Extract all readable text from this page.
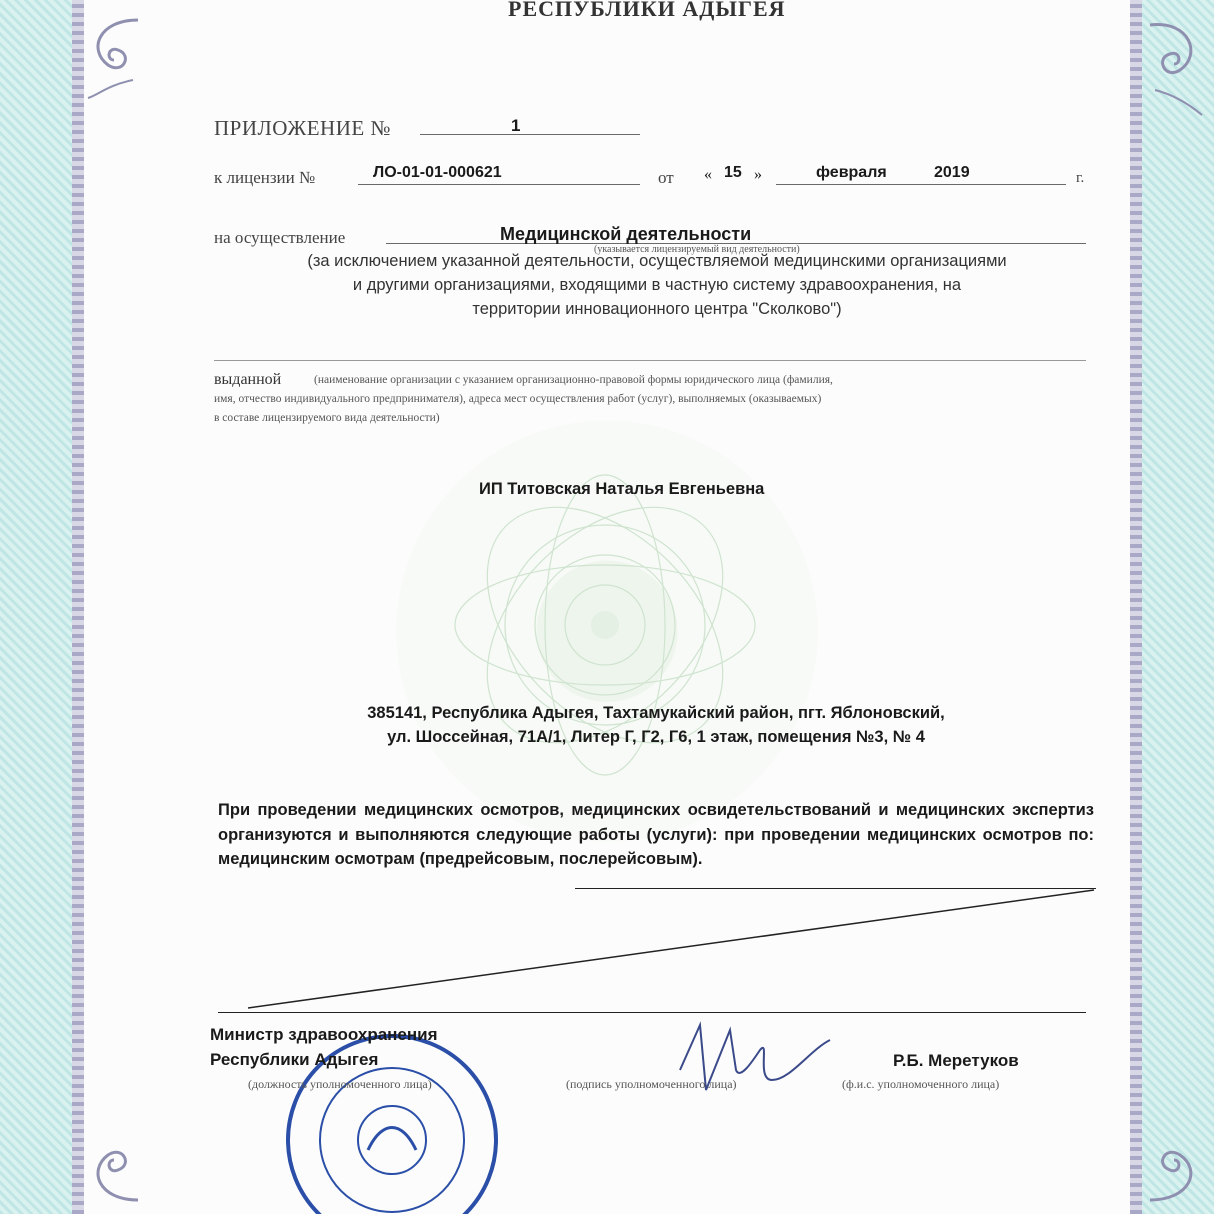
РЕСПУБЛИКИ АДЫГЕЯ
ПРИЛОЖЕНИЕ №	1
к лицензии №	ЛО-01-01-000621	от « 15 »	февраля	2019	г.
на осуществление	Медицинской деятельности
(указывается лицензируемый вид деятельности)
(за исключением указанной деятельности, осуществляемой медицинскими организациями
и другими организациями, входящими в частную систему здравоохранения, на
территории инновационного центра "Сколково")
выданной	(наименование организации с указанием организационно-правовой формы юридического лица (фамилия,
имя, отчество индивидуального предпринимателя), адреса мест осуществления работ (услуг), выполняемых (оказываемых)
в составе лицензируемого вида деятельности)
ИП Титовская Наталья Евгеньевна
385141, Республика Адыгея, Тахтамукайский район, пгт. Яблоновский,
ул. Шоссейная, 71А/1, Литер Г, Г2, Г6, 1 этаж, помещения №3, № 4

При проведении медицинских осмотров, медицинских освидетельствований и медицинских экспертиз организуются и выполняются следующие работы (услуги): при проведении медицинских осмотров по: медицинским осмотрам (предрейсовым, послерейсовым).

Министр здравоохранения
Республики Адыгея	Р.Б. Меретуков
(должность уполномоченного лица)	(подпись уполномоченного лица)	(ф.и.с. уполномоченного лица)
